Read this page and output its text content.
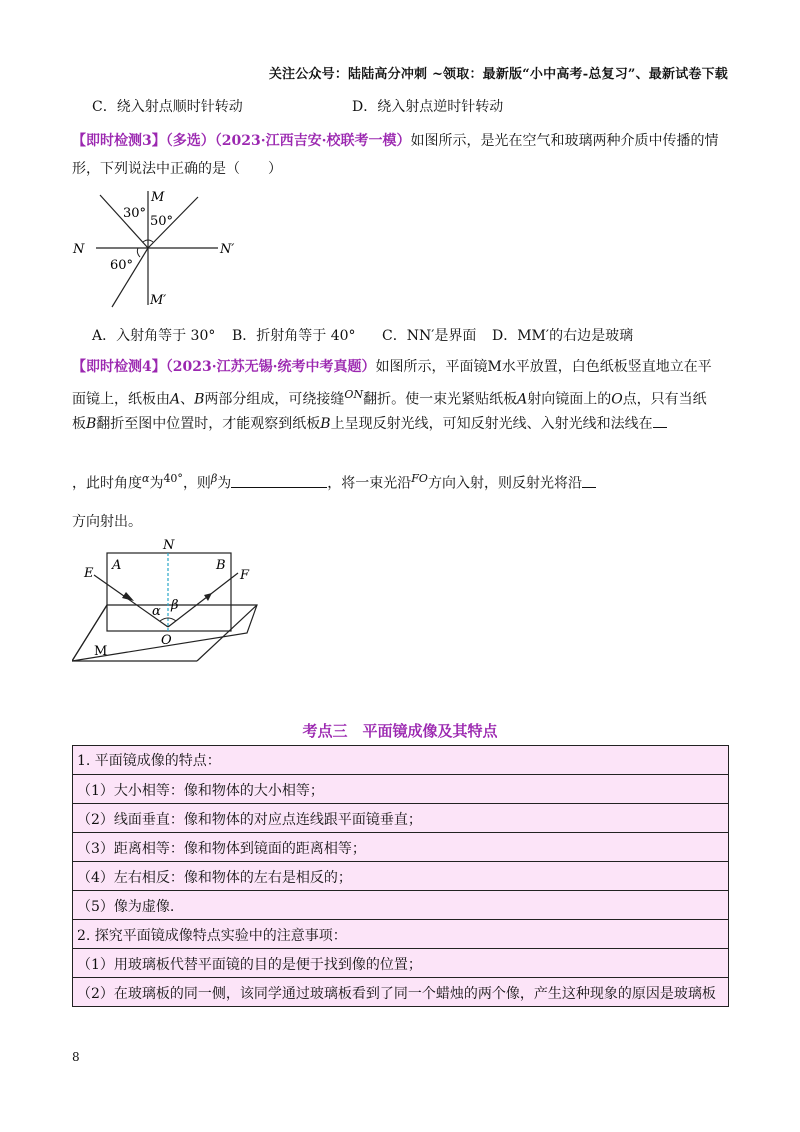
关注公众号：陆陆高分冲刺 ~领取：最新版“小中高考-总复习”、最新试卷下载
C．绕入射点顺时针转动	D．绕入射点逆时针转动
【即时检测3】（多选）（2023·江西吉安·校联考一模）如图所示，是光在空气和玻璃两种介质中传播的情
形，下列说法中正确的是（　　）
M
M′
N	N′
30°
50°
60°
A．入射角等于 30° B．折射角等于 40° C．NN′是界面 D．MM′的右边是玻璃
【即时检测4】（2023·江苏无锡·统考中考真题）如图所示，平面镜M水平放置，白色纸板竖直地立在平
面镜上，纸板由A、B两部分组成，可绕接缝$^{ON}$翻折。使一束光紧贴纸板A射向镜面上的O点，只有当纸
板B翻折至图中位置时，才能观察到纸板B上呈现反射光线，可知反射光线、入射光线和法线在
，此时角度$^\alpha$为$^{40^\circ}$，则$^\beta$为	，将一束光沿$^{FO}$方向入射，则反射光将沿
方向射出。
N
E
A	B
F
α β
O
M
考点三　平面镜成像及其特点
1. 平面镜成像的特点：
（1）大小相等：像和物体的大小相等；
（2）线面垂直：像和物体的对应点连线跟平面镜垂直；
（3）距离相等：像和物体到镜面的距离相等；
（4）左右相反：像和物体的左右是相反的；
（5）像为虚像.
2. 探究平面镜成像特点实验中的注意事项：
（1）用玻璃板代替平面镜的目的是便于找到像的位置；
（2）在玻璃板的同一侧，该同学通过玻璃板看到了同一个蜡烛的两个像，产生这种现象的原因是玻璃板
8
